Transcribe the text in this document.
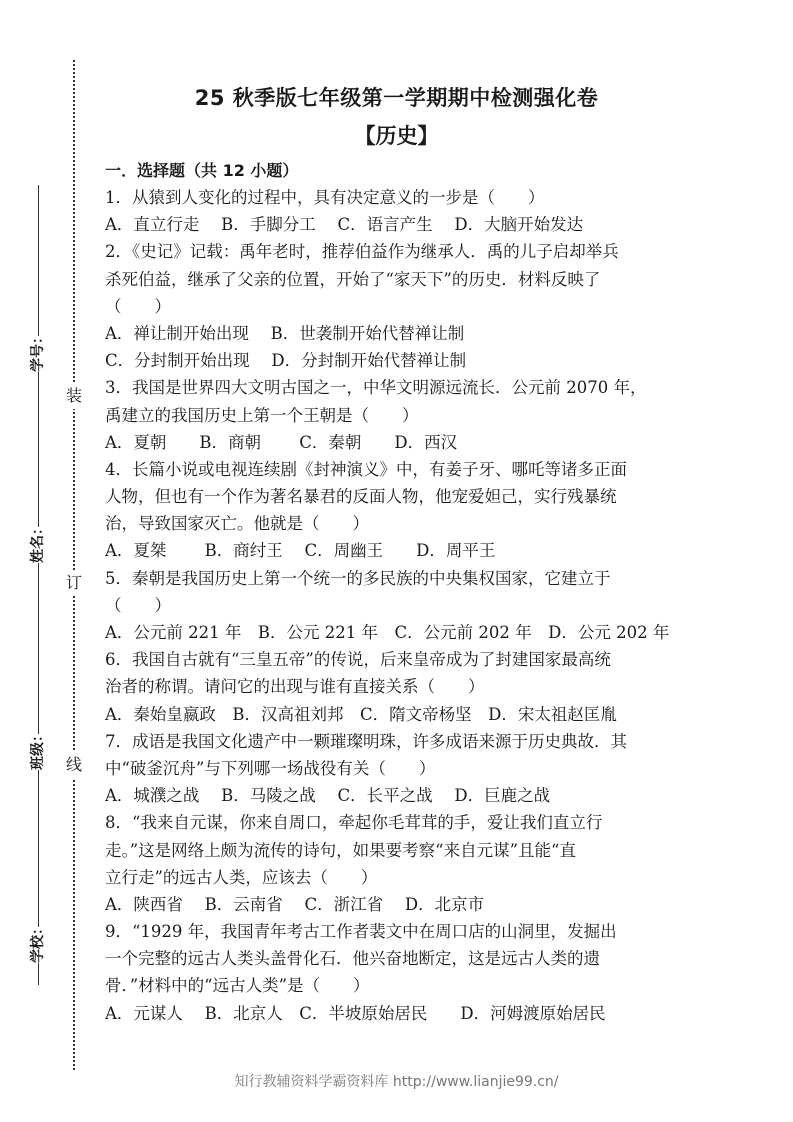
学号：
姓名：
班级：
学校：
装
订
线
25 秋季版七年级第一学期期中检测强化卷
【历史】
一．选择题（共 12 小题）
1．从猿到人变化的过程中，具有决定意义的一步是（　　）
A．直立行走　 B．手脚分工　 C．语言产生　 D．大脑开始发达
2．《史记》记载：禹年老时，推荐伯益作为继承人．禹的儿子启却举兵
杀死伯益，继承了父亲的位置，开始了“家天下”的历史．材料反映了
（　　）
A．禅让制开始出现　 B．世袭制开始代替禅让制
C．分封制开始出现　 D．分封制开始代替禅让制
3．我国是世界四大文明古国之一，中华文明源远流长．公元前 2070 年，
禹建立的我国历史上第一个王朝是（　　）
A．夏朝　　B．商朝　　 C．秦朝　　D．西汉
4．长篇小说或电视连续剧《封神演义》中，有姜子牙、哪吒等诸多正面
人物，但也有一个作为著名暴君的反面人物，他宠爱妲己，实行残暴统
治，导致国家灭亡。他就是（　　）
A．夏桀　　 B．商纣王　 C．周幽王　　D．周平王
5．秦朝是我国历史上第一个统一的多民族的中央集权国家，它建立于
（　　）
A．公元前 221 年　B．公元 221 年　C．公元前 202 年　D．公元 202 年
6．我国自古就有“三皇五帝”的传说，后来皇帝成为了封建国家最高统
治者的称谓。请问它的出现与谁有直接关系（　　）
A．秦始皇嬴政　B．汉高祖刘邦　C．隋文帝杨坚　D．宋太祖赵匡胤
7．成语是我国文化遗产中一颗璀璨明珠，许多成语来源于历史典故．其
中“破釜沉舟”与下列哪一场战役有关（　　）
A．城濮之战　 B．马陵之战　 C．长平之战　 D．巨鹿之战
8．“我来自元谋，你来自周口，牵起你毛茸茸的手，爱让我们直立行
走。”这是网络上颇为流传的诗句，如果要考察“来自元谋”且能“直
立行走”的远古人类，应该去（　　）
A．陕西省　 B．云南省　 C．浙江省　 D．北京市
9．“1929 年，我国青年考古工作者裴文中在周口店的山洞里，发掘出
一个完整的远古人类头盖骨化石．他兴奋地断定，这是远古人类的遗
骨．”材料中的“远古人类”是（　　）
A．元谋人　 B．北京人　C．半坡原始居民　　D．河姆渡原始居民
知行教辅资料学霸资料库 http://www.lianjie99.cn/
